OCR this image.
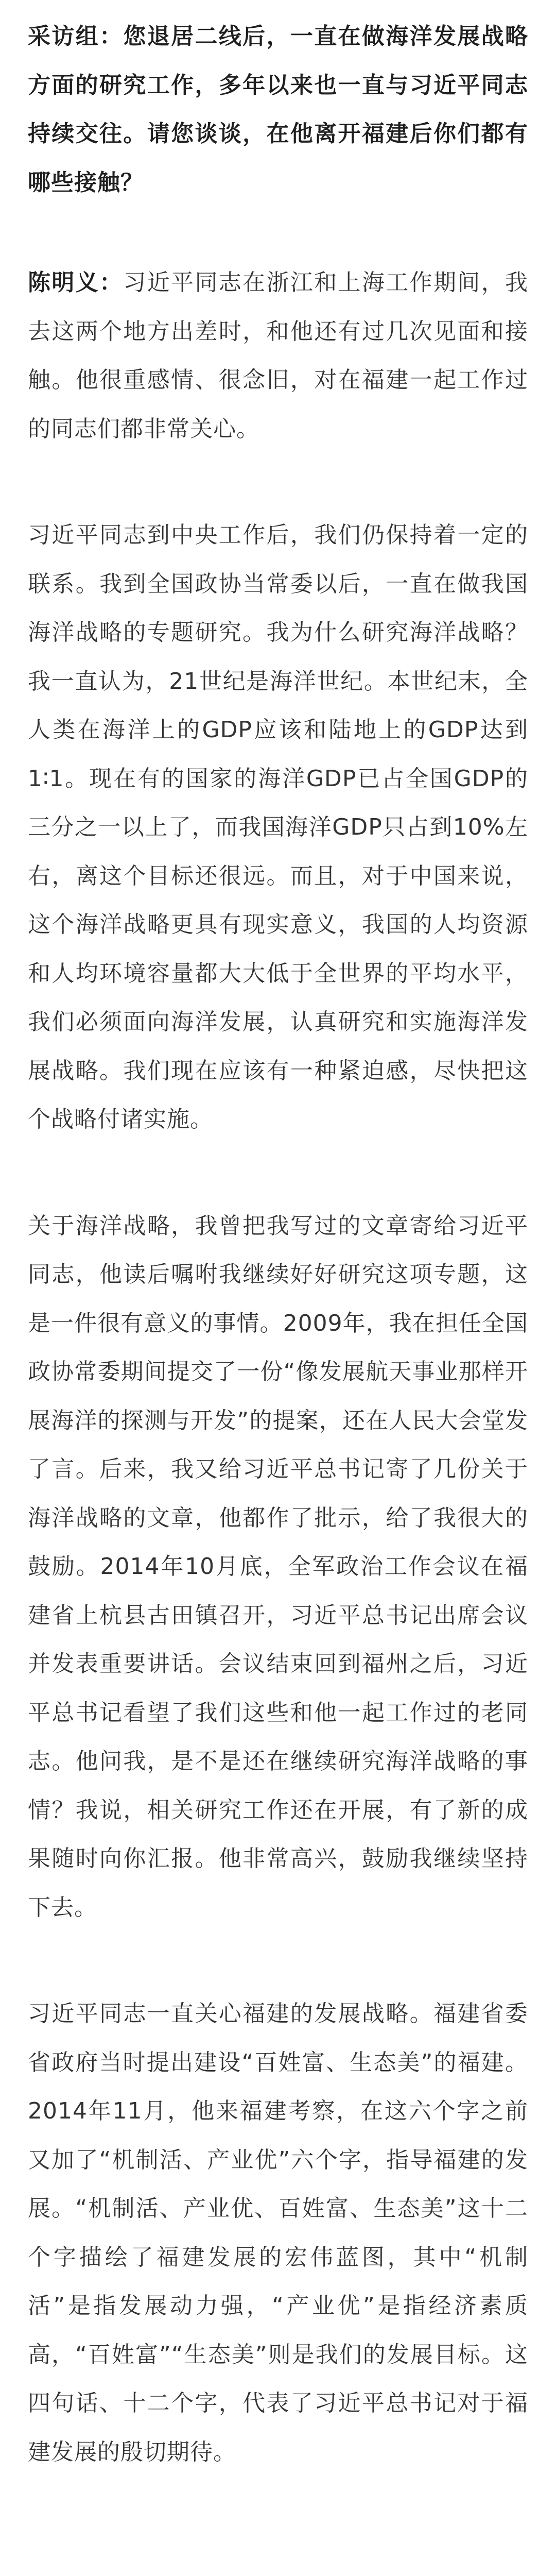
采访组：您退居二线后，一直在做海洋发展战略方面的研究工作，多年以来也一直与习近平同志持续交往。请您谈谈，在他离开福建后你们都有哪些接触？

陈明义：习近平同志在浙江和上海工作期间，我去这两个地方出差时，和他还有过几次见面和接触。他很重感情、很念旧，对在福建一起工作过的同志们都非常关心。

习近平同志到中央工作后，我们仍保持着一定的联系。我到全国政协当常委以后，一直在做我国海洋战略的专题研究。我为什么研究海洋战略？我一直认为，21世纪是海洋世纪。本世纪末，全人类在海洋上的GDP应该和陆地上的GDP达到1∶1。现在有的国家的海洋GDP已占全国GDP的三分之一以上了，而我国海洋GDP只占到10%左右，离这个目标还很远。而且，对于中国来说，这个海洋战略更具有现实意义，我国的人均资源和人均环境容量都大大低于全世界的平均水平，我们必须面向海洋发展，认真研究和实施海洋发展战略。我们现在应该有一种紧迫感，尽快把这个战略付诸实施。

关于海洋战略，我曾把我写过的文章寄给习近平同志，他读后嘱咐我继续好好研究这项专题，这是一件很有意义的事情。2009年，我在担任全国政协常委期间提交了一份“像发展航天事业那样开展海洋的探测与开发”的提案，还在人民大会堂发了言。后来，我又给习近平总书记寄了几份关于海洋战略的文章，他都作了批示，给了我很大的鼓励。2014年10月底，全军政治工作会议在福建省上杭县古田镇召开，习近平总书记出席会议并发表重要讲话。会议结束回到福州之后，习近平总书记看望了我们这些和他一起工作过的老同志。他问我，是不是还在继续研究海洋战略的事情？我说，相关研究工作还在开展，有了新的成果随时向你汇报。他非常高兴，鼓励我继续坚持下去。

习近平同志一直关心福建的发展战略。福建省委省政府当时提出建设“百姓富、生态美”的福建。2014年11月，他来福建考察，在这六个字之前又加了“机制活、产业优”六个字，指导福建的发展。“机制活、产业优、百姓富、生态美”这十二个字描绘了福建发展的宏伟蓝图，其中“机制活”是指发展动力强，“产业优”是指经济素质高，“百姓富”“生态美”则是我们的发展目标。这四句话、十二个字，代表了习近平总书记对于福建发展的殷切期待。
